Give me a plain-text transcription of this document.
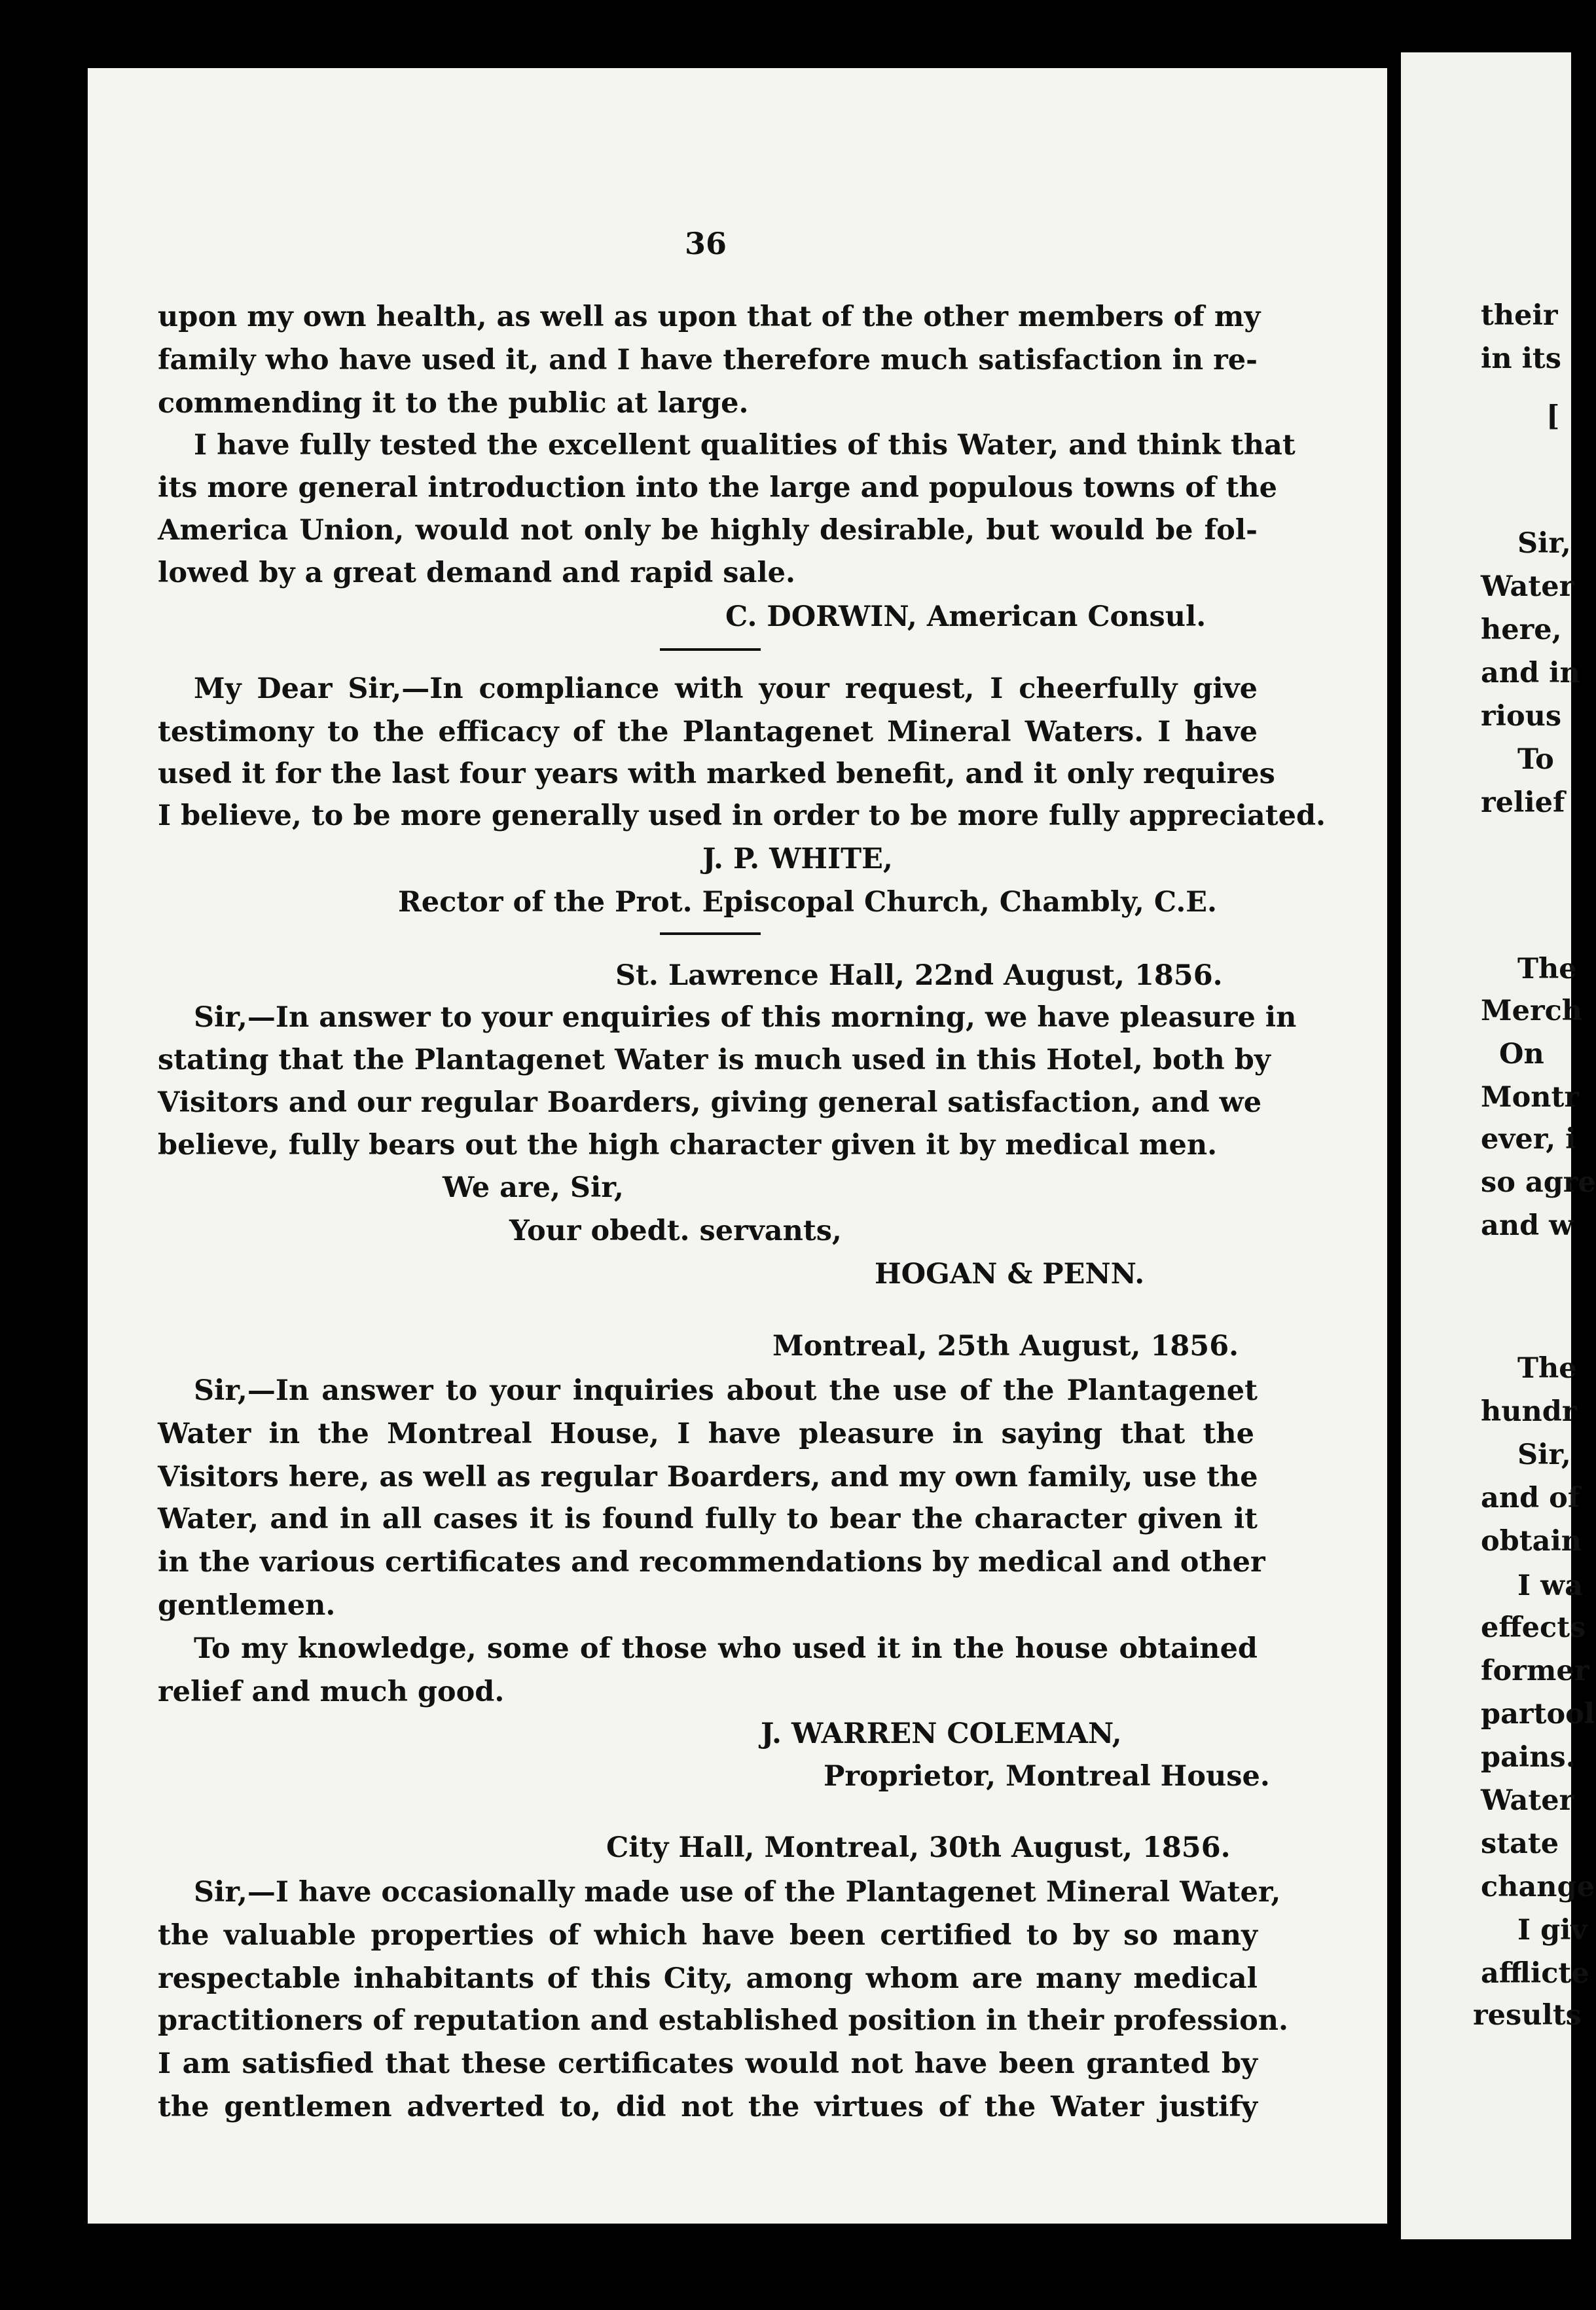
36
upon my own health, as well as upon that of the other members of my
family who have used it, and I have therefore much satisfaction in re-
commending it to the public at large.
I have fully tested the excellent qualities of this Water, and think that
its more general introduction into the large and populous towns of the
America Union, would not only be highly desirable, but would be fol-
lowed by a great demand and rapid sale.
C. DORWIN, American Consul.
My Dear Sir,—In compliance with your request, I cheerfully give
testimony to the efficacy of the Plantagenet Mineral Waters. I have
used it for the last four years with marked benefit, and it only requires
I believe, to be more generally used in order to be more fully appreciated.
J. P. WHITE,
Rector of the Prot. Episcopal Church, Chambly, C.E.
St. Lawrence Hall, 22nd August, 1856.
Sir,—In answer to your enquiries of this morning, we have pleasure in
stating that the Plantagenet Water is much used in this Hotel, both by
Visitors and our regular Boarders, giving general satisfaction, and we
believe, fully bears out the high character given it by medical men.
We are, Sir,
Your obedt. servants,
HOGAN & PENN.
Montreal, 25th August, 1856.
Sir,—In answer to your inquiries about the use of the Plantagenet
Water in the Montreal House, I have pleasure in saying that the
Visitors here, as well as regular Boarders, and my own family, use the
Water, and in all cases it is found fully to bear the character given it
in the various certificates and recommendations by medical and other
gentlemen.
To my knowledge, some of those who used it in the house obtained
relief and much good.
J. WARREN COLEMAN,
Proprietor, Montreal House.
City Hall, Montreal, 30th August, 1856.
Sir,—I have occasionally made use of the Plantagenet Mineral Water,
the valuable properties of which have been certified to by so many
respectable inhabitants of this City, among whom are many medical
practitioners of reputation and established position in their profession.
I am satisfied that these certificates would not have been granted by
the gentlemen adverted to, did not the virtues of the Water justify
their
in its
[
Sir,
Water
here,
and in
rious
To
relief
The
Merch
On
Montr
ever, i
so agre
and w
The
hundr
Sir,
and of
obtain
I wa
effects
former
partool
pains.
Water
state
change
I giv
afflicte
results
